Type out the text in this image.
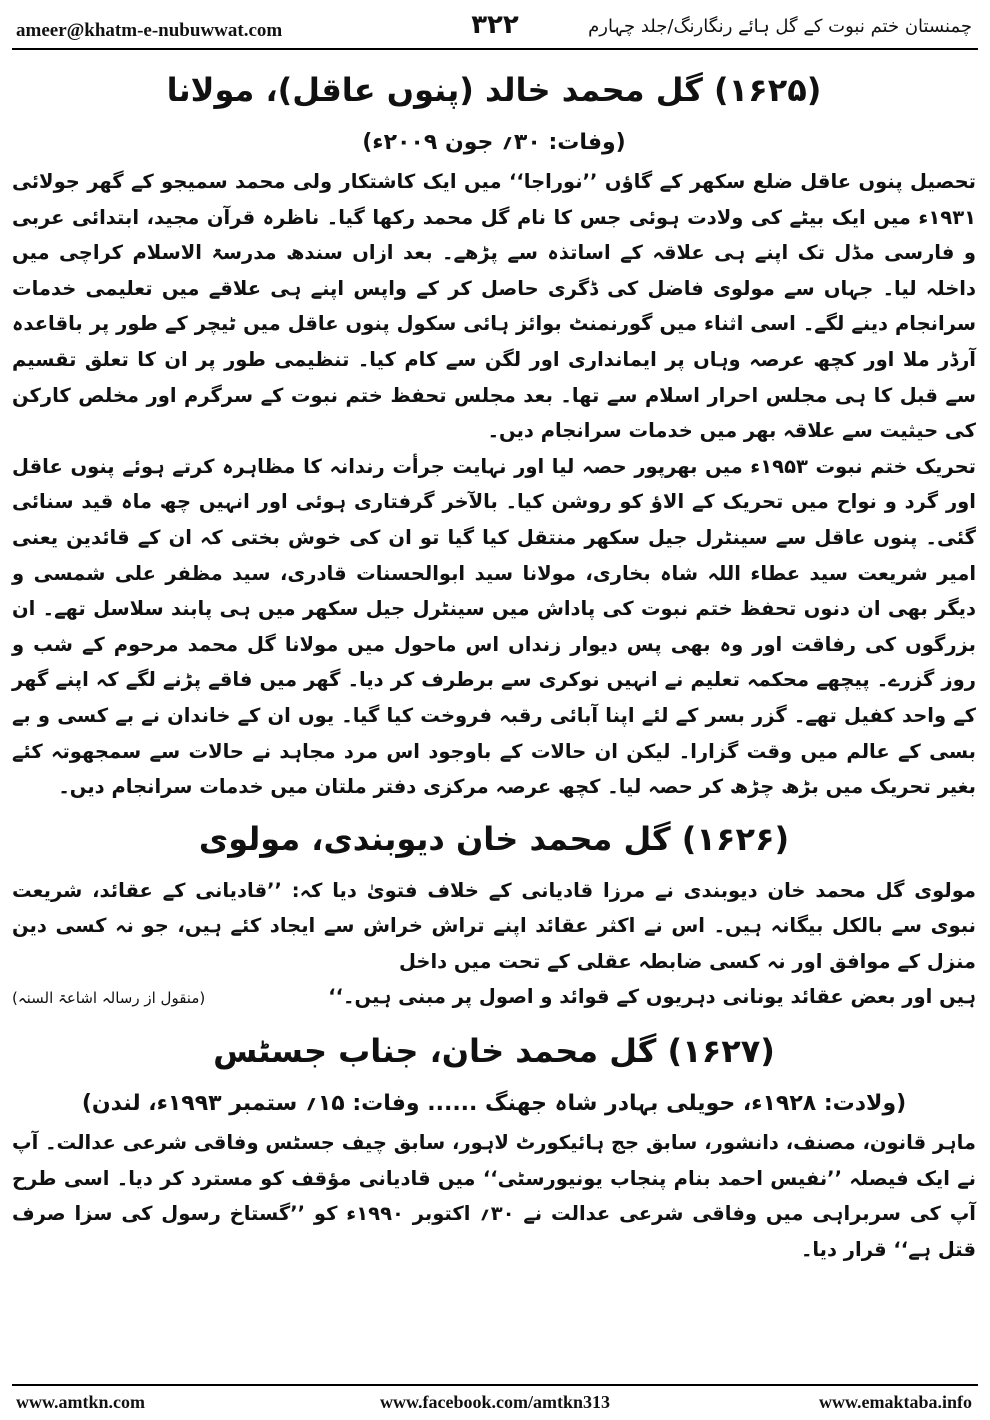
ameer@khatm-e-nubuwwat.com	۳۲۲	چمنستان ختم نبوت کے گل ہائے رنگارنگ/جلد چہارم
(۱۶۲۵) گل محمد خالد (پنوں عاقل)، مولانا
(وفات: ۳۰؍ جون ۲۰۰۹ء)

تحصیل پنوں عاقل ضلع سکھر کے گاؤں ’’نوراجا‘‘ میں ایک کاشتکار ولی محمد سمیجو کے گھر جولائی ۱۹۳۱ء میں ایک بیٹے کی ولادت ہوئی جس کا نام گل محمد رکھا گیا۔ ناظرہ قرآن مجید، ابتدائی عربی و فارسی مڈل تک اپنے ہی علاقہ کے اساتذہ سے پڑھے۔ بعد ازاں سندھ مدرسۃ الاسلام کراچی میں داخلہ لیا۔ جہاں سے مولوی فاضل کی ڈگری حاصل کر کے واپس اپنے ہی علاقے میں تعلیمی خدمات سرانجام دینے لگے۔ اسی اثناء میں گورنمنٹ بوائز ہائی سکول پنوں عاقل میں ٹیچر کے طور پر باقاعدہ آرڈر ملا اور کچھ عرصہ وہاں پر ایمانداری اور لگن سے کام کیا۔ تنظیمی طور پر ان کا تعلق تقسیم سے قبل کا ہی مجلس احرار اسلام سے تھا۔ بعد مجلس تحفظ ختم نبوت کے سرگرم اور مخلص کارکن کی حیثیت سے علاقہ بھر میں خدمات سرانجام دیں۔

تحریک ختم نبوت ۱۹۵۳ء میں بھرپور حصہ لیا اور نہایت جرأت رندانہ کا مظاہرہ کرتے ہوئے پنوں عاقل اور گرد و نواح میں تحریک کے الاؤ کو روشن کیا۔ بالآخر گرفتاری ہوئی اور انہیں چھ ماہ قید سنائی گئی۔ پنوں عاقل سے سینٹرل جیل سکھر منتقل کیا گیا تو ان کی خوش بختی کہ ان کے قائدین یعنی امیر شریعت سید عطاء اللہ شاہ بخاری، مولانا سید ابوالحسنات قادری، سید مظفر علی شمسی و دیگر بھی ان دنوں تحفظ ختم نبوت کی پاداش میں سینٹرل جیل سکھر میں ہی پابند سلاسل تھے۔ ان بزرگوں کی رفاقت اور وہ بھی پس دیوار زنداں اس ماحول میں مولانا گل محمد مرحوم کے شب و روز گزرے۔ پیچھے محکمہ تعلیم نے انہیں نوکری سے برطرف کر دیا۔ گھر میں فاقے پڑنے لگے کہ اپنے گھر کے واحد کفیل تھے۔ گزر بسر کے لئے اپنا آبائی رقبہ فروخت کیا گیا۔ یوں ان کے خاندان نے بے کسی و بے بسی کے عالم میں وقت گزارا۔ لیکن ان حالات کے باوجود اس مرد مجاہد نے حالات سے سمجھوتہ کئے بغیر تحریک میں بڑھ چڑھ کر حصہ لیا۔ کچھ عرصہ مرکزی دفتر ملتان میں خدمات سرانجام دیں۔

(۱۶۲۶) گل محمد خان دیوبندی، مولوی

مولوی گل محمد خان دیوبندی نے مرزا قادیانی کے خلاف فتویٰ دیا کہ: ’’قادیانی کے عقائد، شریعت نبوی سے بالکل بیگانہ ہیں۔ اس نے اکثر عقائد اپنے تراش خراش سے ایجاد کئے ہیں، جو نہ کسی دین منزل کے موافق اور نہ کسی ضابطہ عقلی کے تحت میں داخل

ہیں اور بعض عقائد یونانی دہریوں کے قوائد و اصول پر مبنی ہیں۔‘‘
(منقول از رسالہ اشاعۃ السنہ)
(۱۶۲۷) گل محمد خان، جناب جسٹس
(ولادت: ۱۹۲۸ء، حویلی بہادر شاہ جھنگ ...... وفات: ۱۵؍ ستمبر ۱۹۹۳ء، لندن)

ماہر قانون، مصنف، دانشور، سابق جج ہائیکورٹ لاہور، سابق چیف جسٹس وفاقی شرعی عدالت۔ آپ نے ایک فیصلہ ’’نفیس احمد بنام پنجاب یونیورسٹی‘‘ میں قادیانی مؤقف کو مسترد کر دیا۔ اسی طرح آپ کی سربراہی میں وفاقی شرعی عدالت نے ۳۰؍ اکتوبر ۱۹۹۰ء کو ’’گستاخ رسول کی سزا صرف قتل ہے‘‘ قرار دیا۔

www.amtkn.com	www.facebook.com/amtkn313	www.emaktaba.info
